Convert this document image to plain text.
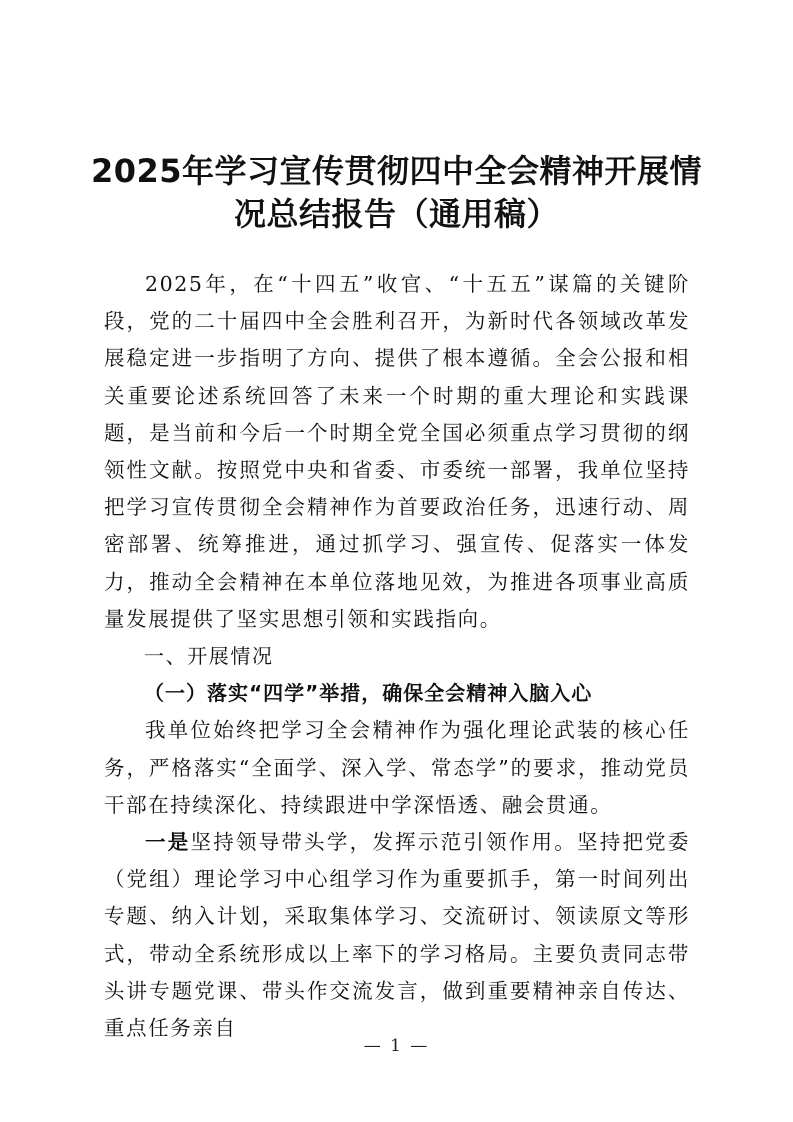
2025年学习宣传贯彻四中全会精神开展情
况总结报告（通用稿）

2025年，在“十四五”收官、“十五五”谋篇的关键阶段，党的二十届四中全会胜利召开，为新时代各领域改革发展稳定进一步指明了方向、提供了根本遵循。全会公报和相关重要论述系统回答了未来一个时期的重大理论和实践课题，是当前和今后一个时期全党全国必须重点学习贯彻的纲领性文献。按照党中央和省委、市委统一部署，我单位坚持把学习宣传贯彻全会精神作为首要政治任务，迅速行动、周密部署、统筹推进，通过抓学习、强宣传、促落实一体发力，推动全会精神在本单位落地见效，为推进各项事业高质量发展提供了坚实思想引领和实践指向。

一、开展情况

（一）落实“四学”举措，确保全会精神入脑入心

我单位始终把学习全会精神作为强化理论武装的核心任务，严格落实“全面学、深入学、常态学”的要求，推动党员干部在持续深化、持续跟进中学深悟透、融会贯通。

一是坚持领导带头学，发挥示范引领作用。坚持把党委（党组）理论学习中心组学习作为重要抓手，第一时间列出专题、纳入计划，采取集体学习、交流研讨、领读原文等形式，带动全系统形成以上率下的学习格局。主要负责同志带头讲专题党课、带头作交流发言，做到重要精神亲自传达、重点任务亲自

— 1 —
